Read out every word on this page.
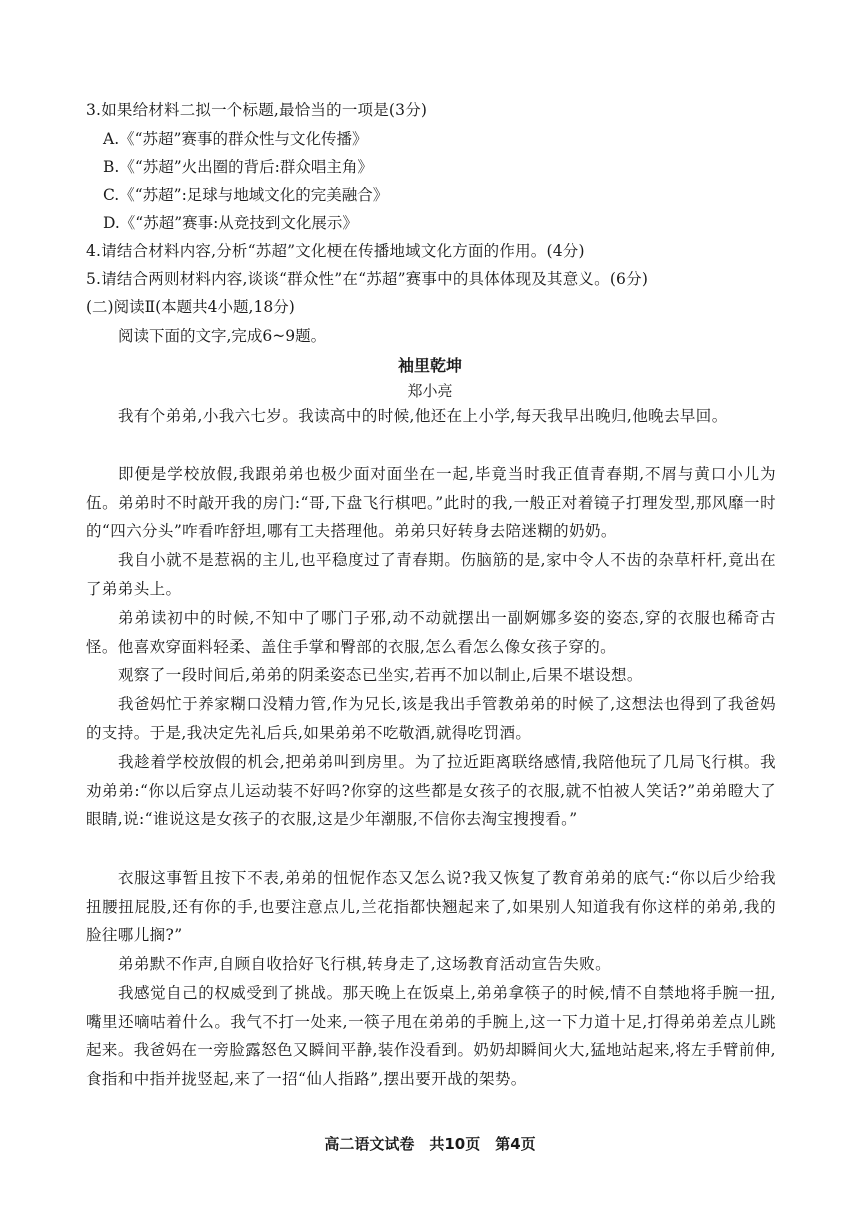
3.如果给材料二拟一个标题,最恰当的一项是(3分)
A.《“苏超”赛事的群众性与文化传播》
B.《“苏超”火出圈的背后:群众唱主角》
C.《“苏超”:足球与地域文化的完美融合》
D.《“苏超”赛事:从竞技到文化展示》
4.请结合材料内容,分析“苏超”文化梗在传播地域文化方面的作用。(4分)
5.请结合两则材料内容,谈谈“群众性”在“苏超”赛事中的具体体现及其意义。(6分)
(二)阅读Ⅱ(本题共4小题,18分)
阅读下面的文字,完成6~9题。
袖里乾坤
郑小亮
我有个弟弟,小我六七岁。我读高中的时候,他还在上小学,每天我早出晚归,他晚去早回。
即便是学校放假,我跟弟弟也极少面对面坐在一起,毕竟当时我正值青春期,不屑与黄口小儿为伍。弟弟时不时敲开我的房门:“哥,下盘飞行棋吧。”此时的我,一般正对着镜子打理发型,那风靡一时的“四六分头”咋看咋舒坦,哪有工夫搭理他。弟弟只好转身去陪迷糊的奶奶。
我自小就不是惹祸的主儿,也平稳度过了青春期。伤脑筋的是,家中令人不齿的杂草杆杆,竟出在了弟弟头上。
弟弟读初中的时候,不知中了哪门子邪,动不动就摆出一副婀娜多姿的姿态,穿的衣服也稀奇古怪。他喜欢穿面料轻柔、盖住手掌和臀部的衣服,怎么看怎么像女孩子穿的。
观察了一段时间后,弟弟的阴柔姿态已坐实,若再不加以制止,后果不堪设想。
我爸妈忙于养家糊口没精力管,作为兄长,该是我出手管教弟弟的时候了,这想法也得到了我爸妈的支持。于是,我决定先礼后兵,如果弟弟不吃敬酒,就得吃罚酒。
我趁着学校放假的机会,把弟弟叫到房里。为了拉近距离联络感情,我陪他玩了几局飞行棋。我劝弟弟:“你以后穿点儿运动装不好吗?你穿的这些都是女孩子的衣服,就不怕被人笑话?”弟弟瞪大了眼睛,说:“谁说这是女孩子的衣服,这是少年潮服,不信你去淘宝搜搜看。”
衣服这事暂且按下不表,弟弟的忸怩作态又怎么说?我又恢复了教育弟弟的底气:“你以后少给我扭腰扭屁股,还有你的手,也要注意点儿,兰花指都快翘起来了,如果别人知道我有你这样的弟弟,我的脸往哪儿搁?”
弟弟默不作声,自顾自收拾好飞行棋,转身走了,这场教育活动宣告失败。
我感觉自己的权威受到了挑战。那天晚上在饭桌上,弟弟拿筷子的时候,情不自禁地将手腕一扭,嘴里还嘀咕着什么。我气不打一处来,一筷子甩在弟弟的手腕上,这一下力道十足,打得弟弟差点儿跳起来。我爸妈在一旁脸露怒色又瞬间平静,装作没看到。奶奶却瞬间火大,猛地站起来,将左手臂前伸,食指和中指并拢竖起,来了一招“仙人指路”,摆出要开战的架势。
高二语文试卷　共10页　第4页
